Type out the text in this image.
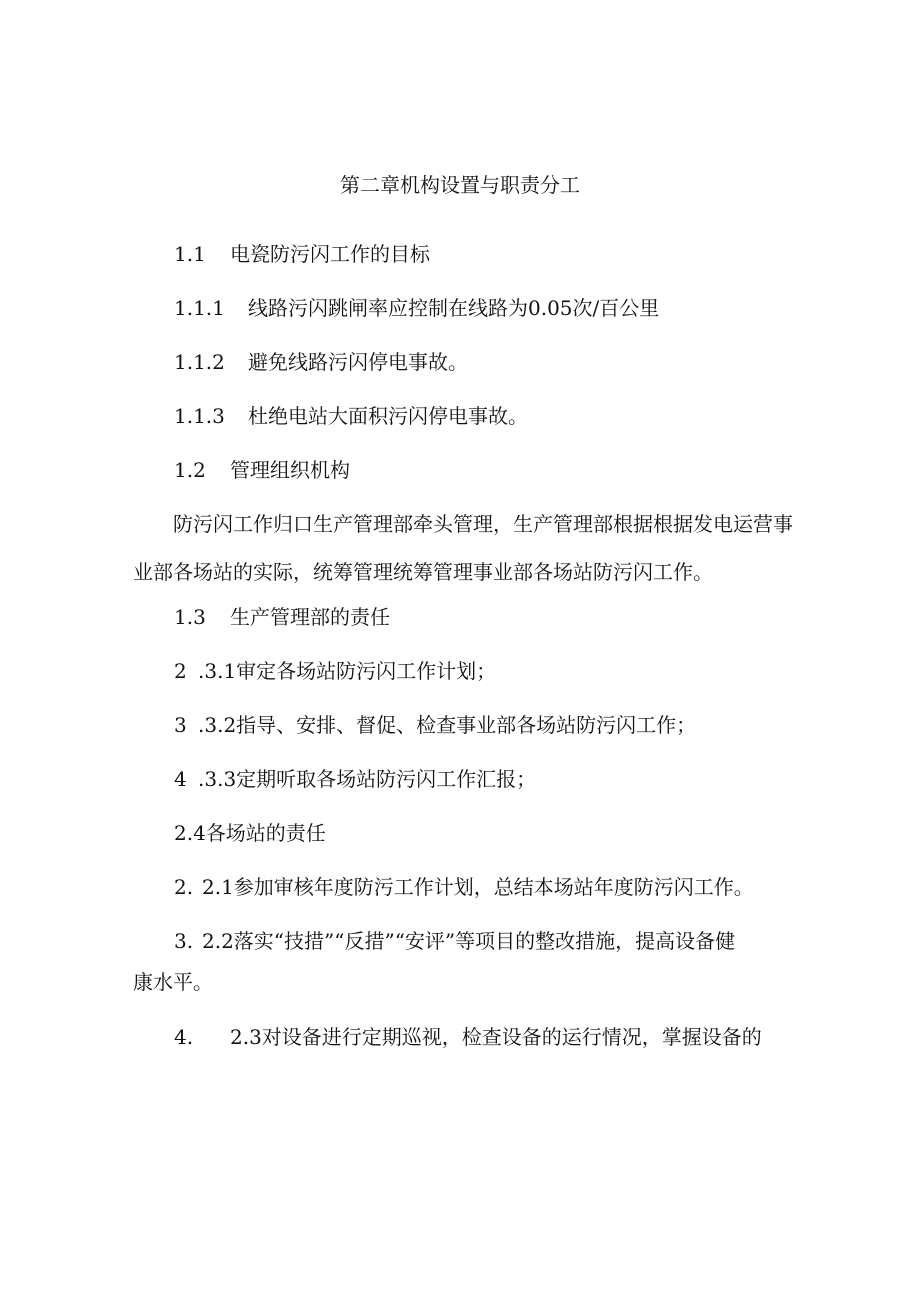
第二章机构设置与职责分工
1.1 电瓷防污闪工作的目标
1.1.1 线路污闪跳闸率应控制在线路为0.05次/百公里
1.1.2 避免线路污闪停电事故。
1.1.3 杜绝电站大面积污闪停电事故。
1.2 管理组织机构
防污闪工作归口生产管理部牵头管理，生产管理部根据根据发电运营事业部各场站的实际，统筹管理统筹管理事业部各场站防污闪工作。
1.3 生产管理部的责任
2 .3.1审定各场站防污闪工作计划；
3 .3.2指导、安排、督促、检查事业部各场站防污闪工作；
4 .3.3定期听取各场站防污闪工作汇报；
2.4各场站的责任
2. 2.1参加审核年度防污工作计划，总结本场站年度防污闪工作。
3. 2.2落实“技措”“反措”“安评”等项目的整改措施，提高设备健
康水平。
4. 2.3对设备进行定期巡视，检查设备的运行情况，掌握设备的
